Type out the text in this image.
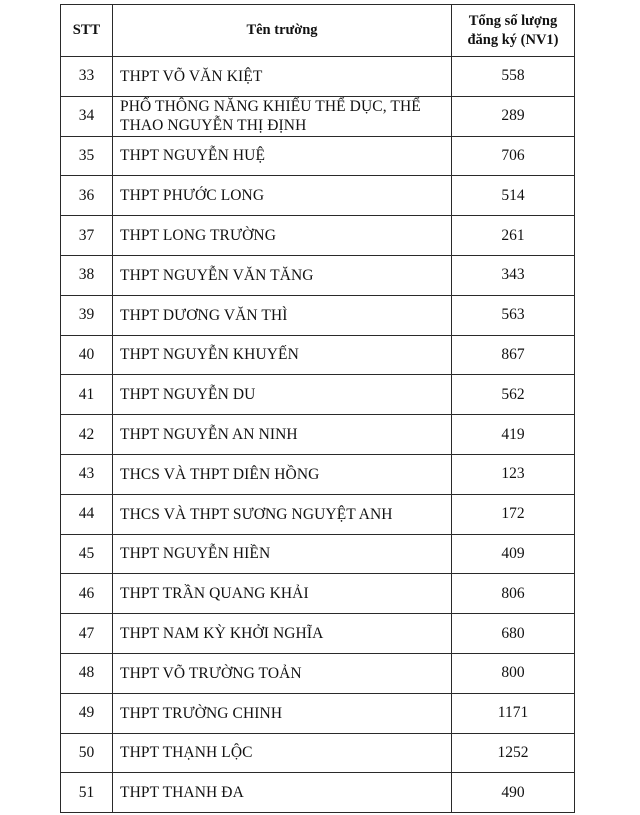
STT	Tên trường	Tổng số lượng
đăng ký (NV1)

33	THPT VÕ VĂN KIỆT	558
34	PHỔ THÔNG NĂNG KHIẾU THỂ DỤC, THỂ THAO NGUYỄN THỊ ĐỊNH	289
35	THPT NGUYỄN HUỆ	706
36	THPT PHƯỚC LONG	514
37	THPT LONG TRƯỜNG	261
38	THPT NGUYỄN VĂN TĂNG	343
39	THPT DƯƠNG VĂN THÌ	563
40	THPT NGUYỄN KHUYẾN	867
41	THPT NGUYỄN DU	562
42	THPT NGUYỄN AN NINH	419
43	THCS VÀ THPT DIÊN HỒNG	123
44	THCS VÀ THPT SƯƠNG NGUYỆT ANH	172
45	THPT NGUYỄN HIỀN	409
46	THPT TRẦN QUANG KHẢI	806
47	THPT NAM KỲ KHỞI NGHĨA	680
48	THPT VÕ TRƯỜNG TOẢN	800
49	THPT TRƯỜNG CHINH	1171
50	THPT THẠNH LỘC	1252
51	THPT THANH ĐA	490
